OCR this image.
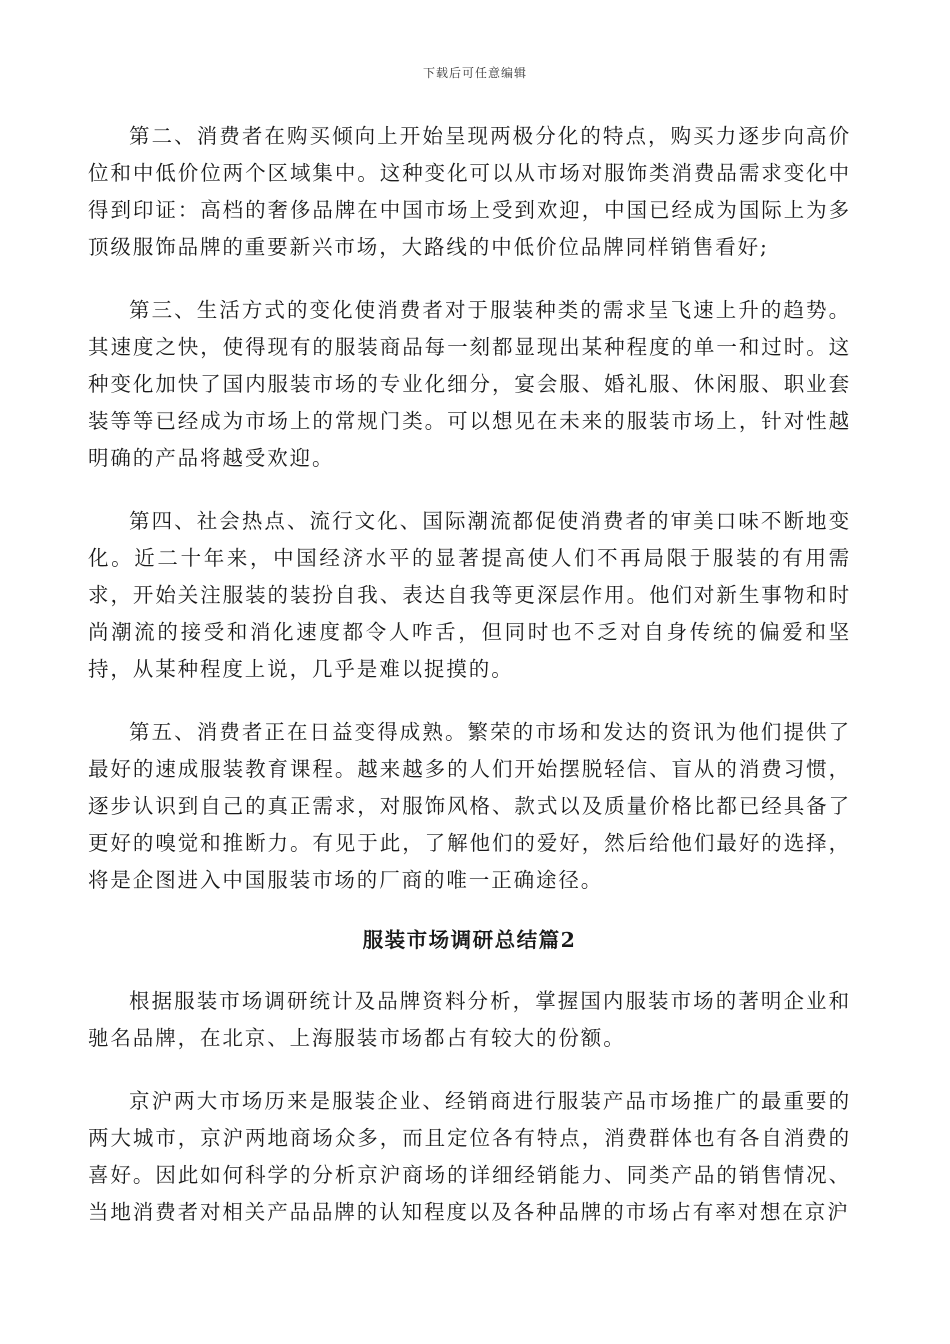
下载后可任意编辑

第二、消费者在购买倾向上开始呈现两极分化的特点，购买力逐步向高价位和中低价位两个区域集中。这种变化可以从市场对服饰类消费品需求变化中得到印证：高档的奢侈品牌在中国市场上受到欢迎，中国已经成为国际上为多顶级服饰品牌的重要新兴市场，大路线的中低价位品牌同样销售看好;

第三、生活方式的变化使消费者对于服装种类的需求呈飞速上升的趋势。其速度之快，使得现有的服装商品每一刻都显现出某种程度的单一和过时。这种变化加快了国内服装市场的专业化细分，宴会服、婚礼服、休闲服、职业套装等等已经成为市场上的常规门类。可以想见在未来的服装市场上，针对性越明确的产品将越受欢迎。

第四、社会热点、流行文化、国际潮流都促使消费者的审美口味不断地变化。近二十年来，中国经济水平的显著提高使人们不再局限于服装的有用需求，开始关注服装的装扮自我、表达自我等更深层作用。他们对新生事物和时尚潮流的接受和消化速度都令人咋舌，但同时也不乏对自身传统的偏爱和坚持，从某种程度上说，几乎是难以捉摸的。

第五、消费者正在日益变得成熟。繁荣的市场和发达的资讯为他们提供了最好的速成服装教育课程。越来越多的人们开始摆脱轻信、盲从的消费习惯，逐步认识到自己的真正需求，对服饰风格、款式以及质量价格比都已经具备了更好的嗅觉和推断力。有见于此，了解他们的爱好，然后给他们最好的选择，将是企图进入中国服装市场的厂商的唯一正确途径。

服装市场调研总结篇2

根据服装市场调研统计及品牌资料分析，掌握国内服装市场的著明企业和驰名品牌，在北京、上海服装市场都占有较大的份额。

京沪两大市场历来是服装企业、经销商进行服装产品市场推广的最重要的两大城市，京沪两地商场众多，而且定位各有特点，消费群体也有各自消费的喜好。因此如何科学的分析京沪商场的详细经销能力、同类产品的销售情况、当地消费者对相关产品品牌的认知程度以及各种品牌的市场占有率对想在京沪
